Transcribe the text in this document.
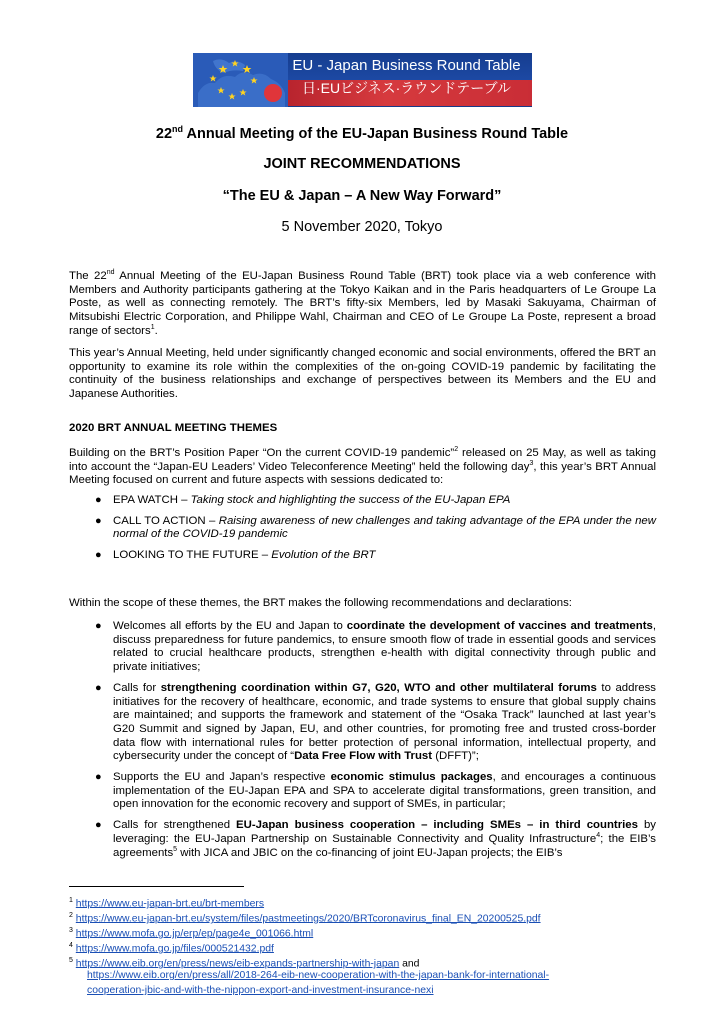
EU - Japan Business Round Table
日·EUビジネス·ラウンドテーブル
22nd Annual Meeting of the EU-Japan Business Round Table
JOINT RECOMMENDATIONS
“The EU & Japan – A New Way Forward”
5 November 2020, Tokyo

The 22nd Annual Meeting of the EU-Japan Business Round Table (BRT) took place via a web conference with Members and Authority participants gathering at the Tokyo Kaikan and in the Paris headquarters of Le Groupe La Poste, as well as connecting remotely. The BRT’s fifty-six Members, led by Masaki Sakuyama, Chairman of Mitsubishi Electric Corporation, and Philippe Wahl, Chairman and CEO of Le Groupe La Poste, represent a broad range of sectors$^1$.

This year’s Annual Meeting, held under significantly changed economic and social environments, offered the BRT an opportunity to examine its role within the complexities of the on-going COVID-19 pandemic by facilitating the continuity of the business relationships and exchange of perspectives between its Members and the EU and Japanese Authorities.

2020 BRT ANNUAL MEETING THEMES

Building on the BRT’s Position Paper “On the current COVID-19 pandemic”$^2$ released on 25 May, as well as taking into account the “Japan-EU Leaders’ Video Teleconference Meeting” held the following day$^3$, this year’s BRT Annual Meeting focused on current and future aspects with sessions dedicated to:

● EPA WATCH – Taking stock and highlighting the success of the EU-Japan EPA
● CALL TO ACTION – Raising awareness of new challenges and taking advantage of the EPA under the new normal of the COVID-19 pandemic
● LOOKING TO THE FUTURE – Evolution of the BRT

Within the scope of these themes, the BRT makes the following recommendations and declarations:

● Welcomes all efforts by the EU and Japan to coordinate the development of vaccines and treatments, discuss preparedness for future pandemics, to ensure smooth flow of trade in essential goods and services related to crucial healthcare products, strengthen e-health with digital connectivity through public and private initiatives;
● Calls for strengthening coordination within G7, G20, WTO and other multilateral forums to address initiatives for the recovery of healthcare, economic, and trade systems to ensure that global supply chains are maintained; and supports the framework and statement of the “Osaka Track” launched at last year’s G20 Summit and signed by Japan, EU, and other countries, for promoting free and trusted cross-border data flow with international rules for better protection of personal information, intellectual property, and cybersecurity under the concept of “Data Free Flow with Trust (DFFT)”;
● Supports the EU and Japan’s respective economic stimulus packages, and encourages a continuous implementation of the EU-Japan EPA and SPA to accelerate digital transformations, green transition, and open innovation for the economic recovery and support of SMEs, in particular;
● Calls for strengthened EU-Japan business cooperation – including SMEs – in third countries by leveraging: the EU-Japan Partnership on Sustainable Connectivity and Quality Infrastructure$^4$; the EIB’s agreements$^5$ with JICA and JBIC on the co-financing of joint EU-Japan projects; the EIB’s
$^1$ https://www.eu-japan-brt.eu/brt-members
$^2$ https://www.eu-japan-brt.eu/system/files/pastmeetings/2020/BRTcoronavirus_final_EN_20200525.pdf
$^3$ https://www.mofa.go.jp/erp/ep/page4e_001066.html
$^4$ https://www.mofa.go.jp/files/000521432.pdf
$^5$ https://www.eib.org/en/press/news/eib-expands-partnership-with-japan and
https://www.eib.org/en/press/all/2018-264-eib-new-cooperation-with-the-japan-bank-for-international-
cooperation-jbic-and-with-the-nippon-export-and-investment-insurance-nexi
